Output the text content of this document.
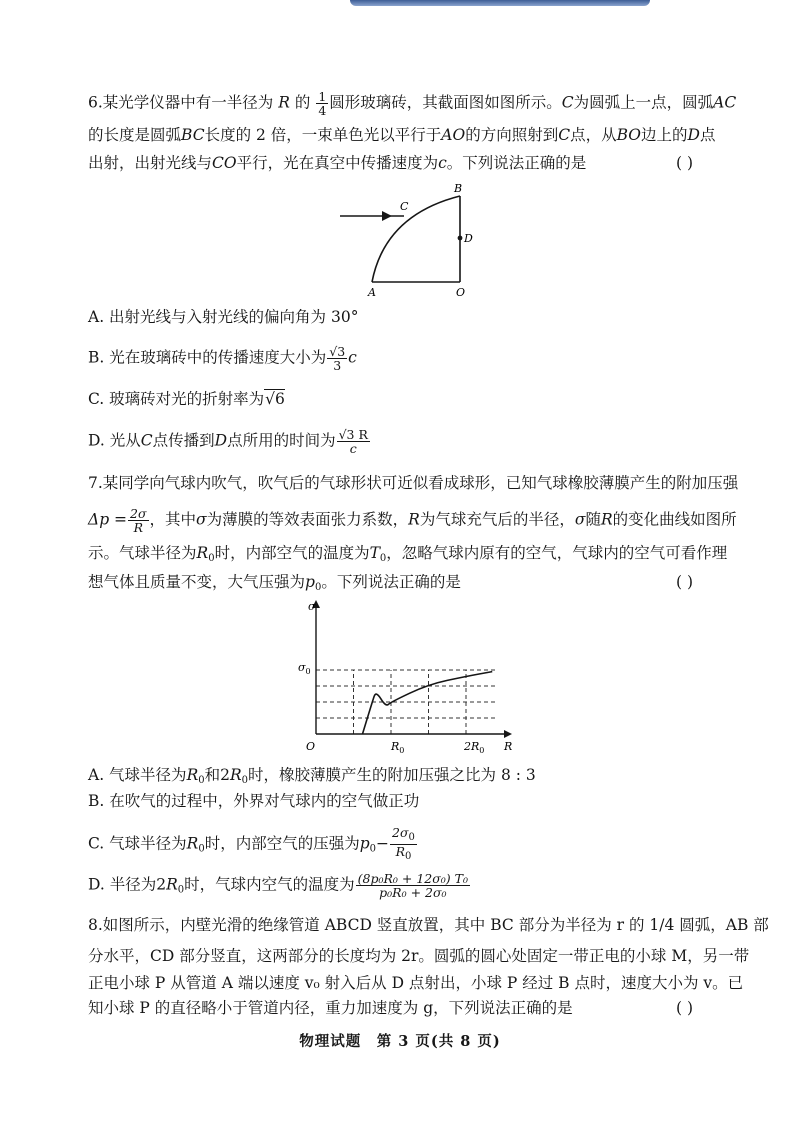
6.某光学仪器中有一半径为 R 的 $\frac{1}{4}$ 圆形玻璃砖，其截面图如图所示。C为圆弧上一点，圆弧AC
的长度是圆弧BC长度的 2 倍，一束单色光以平行于AO的方向照射到C点，从BO边上的D点
出射，出射光线与CO平行，光在真空中传播速度为c。下列说法正确的是	( )
B
C
D
A	O
A. 出射光线与入射光线的偏向角为 30°
B. 光在玻璃砖中的传播速度大小为 $\frac{√3}{3}$ c
C. 玻璃砖对光的折射率为√6
D. 光从C点传播到D点所用的时间为 $\frac{√3 R}{c}$
7.某同学向气球内吹气，吹气后的气球形状可近似看成球形，已知气球橡胶薄膜产生的附加压强
$\Delta p = \frac{2\sigma}{R}$ ，其中σ为薄膜的等效表面张力系数，R为气球充气后的半径，σ随R的变化曲线如图所
示。气球半径为$R_0$时，内部空气的温度为$T_0$，忽略气球内原有的空气，气球内的空气可看作理
想气体且质量不变，大气压强为$p_0$。下列说法正确的是	( )
σ
R
O
$\sigma_0$
$R_0$	$2R_0$
A. 气球半径为$R_0$和$2R_0$时，橡胶薄膜产生的附加压强之比为 8 : 3
B. 在吹气的过程中，外界对气球内的空气做正功
C. 气球半径为$R_0$时，内部空气的压强为$p_0- \frac{2\sigma_0}{R_0}$
D. 半径为$2R_0$时，气球内空气的温度为 $\frac{\text{(8p₀R₀ + 12σ₀) T₀}}{\text{p₀R₀ + 2σ₀}}$
8.如图所示，内壁光滑的绝缘管道 ABCD 竖直放置，其中 BC 部分为半径为 r 的 1/4 圆弧，AB 部
分水平，CD 部分竖直，这两部分的长度均为 2r。圆弧的圆心处固定一带正电的小球 M，另一带
正电小球 P 从管道 A 端以速度 v₀ 射入后从 D 点射出，小球 P 经过 B 点时，速度大小为 v。已
知小球 P 的直径略小于管道内径，重力加速度为 g，下列说法正确的是	( )
物理试题　第 3 页(共 8 页)
